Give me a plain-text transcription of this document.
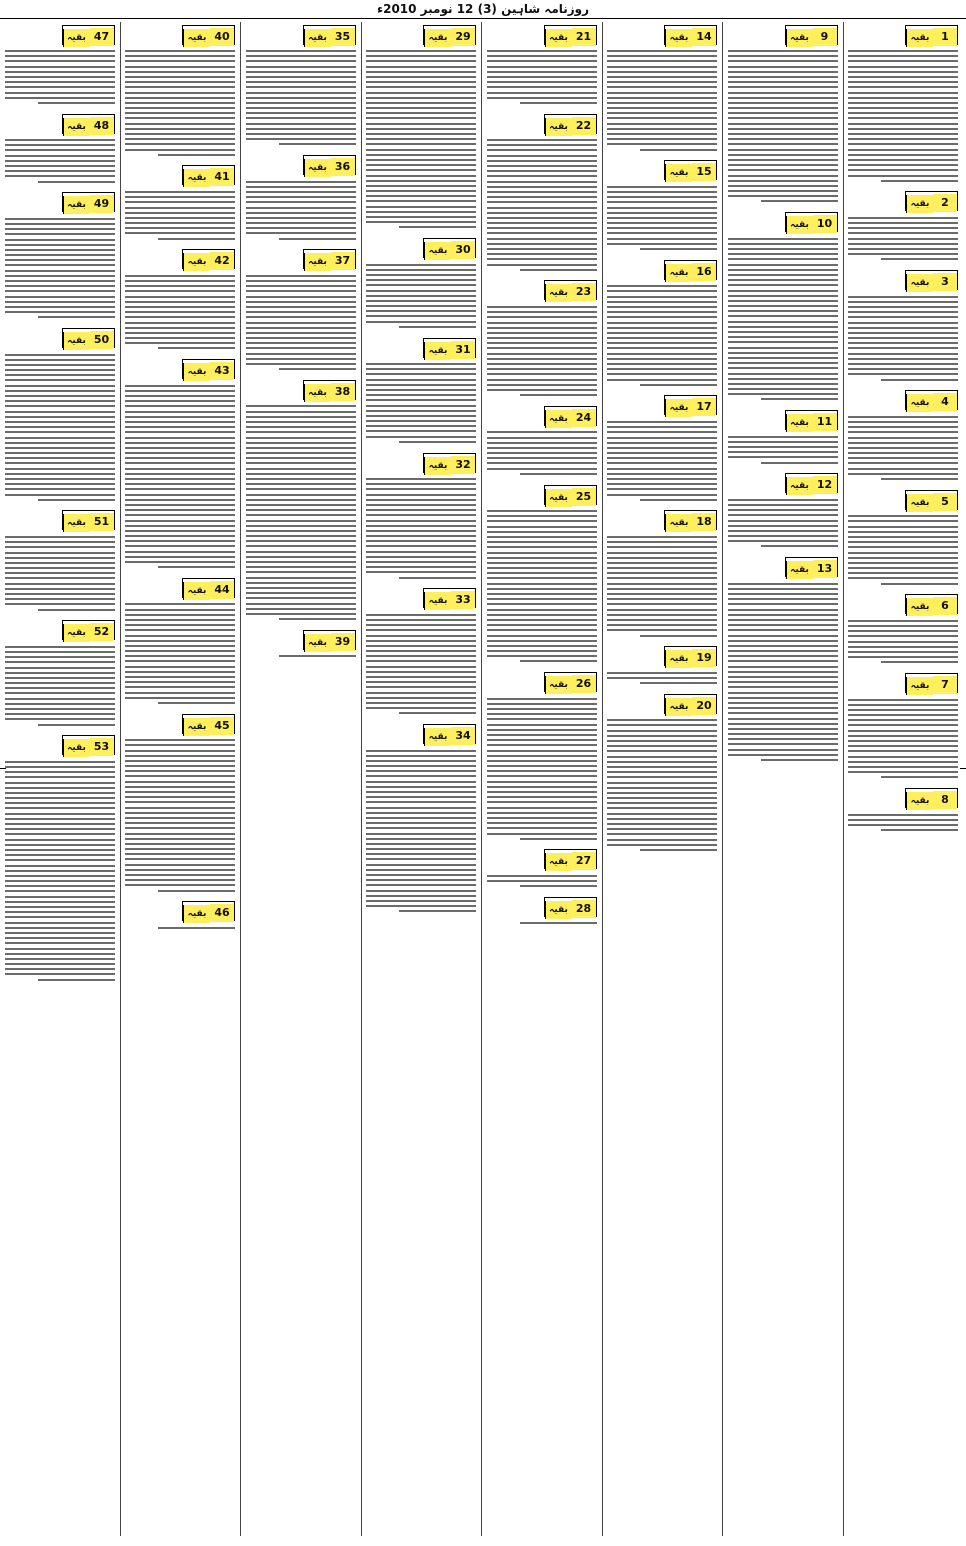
روزنامہ شاہین (3) 12 نومبر 2010ء
1بقیہ
2بقیہ
3بقیہ
4بقیہ
5بقیہ
6بقیہ
7بقیہ
8بقیہ
9بقیہ
10بقیہ
11بقیہ
12بقیہ
13بقیہ
14بقیہ
15بقیہ
16بقیہ
17بقیہ
18بقیہ
19بقیہ
20بقیہ
21بقیہ
22بقیہ
23بقیہ
24بقیہ
25بقیہ
26بقیہ
27بقیہ
28بقیہ
29بقیہ
30بقیہ
31بقیہ
32بقیہ
33بقیہ
34بقیہ
35بقیہ
36بقیہ
37بقیہ
38بقیہ
39بقیہ
40بقیہ
41بقیہ
42بقیہ
43بقیہ
44بقیہ
45بقیہ
46بقیہ
47بقیہ
48بقیہ
49بقیہ
50بقیہ
51بقیہ
52بقیہ
53بقیہ
